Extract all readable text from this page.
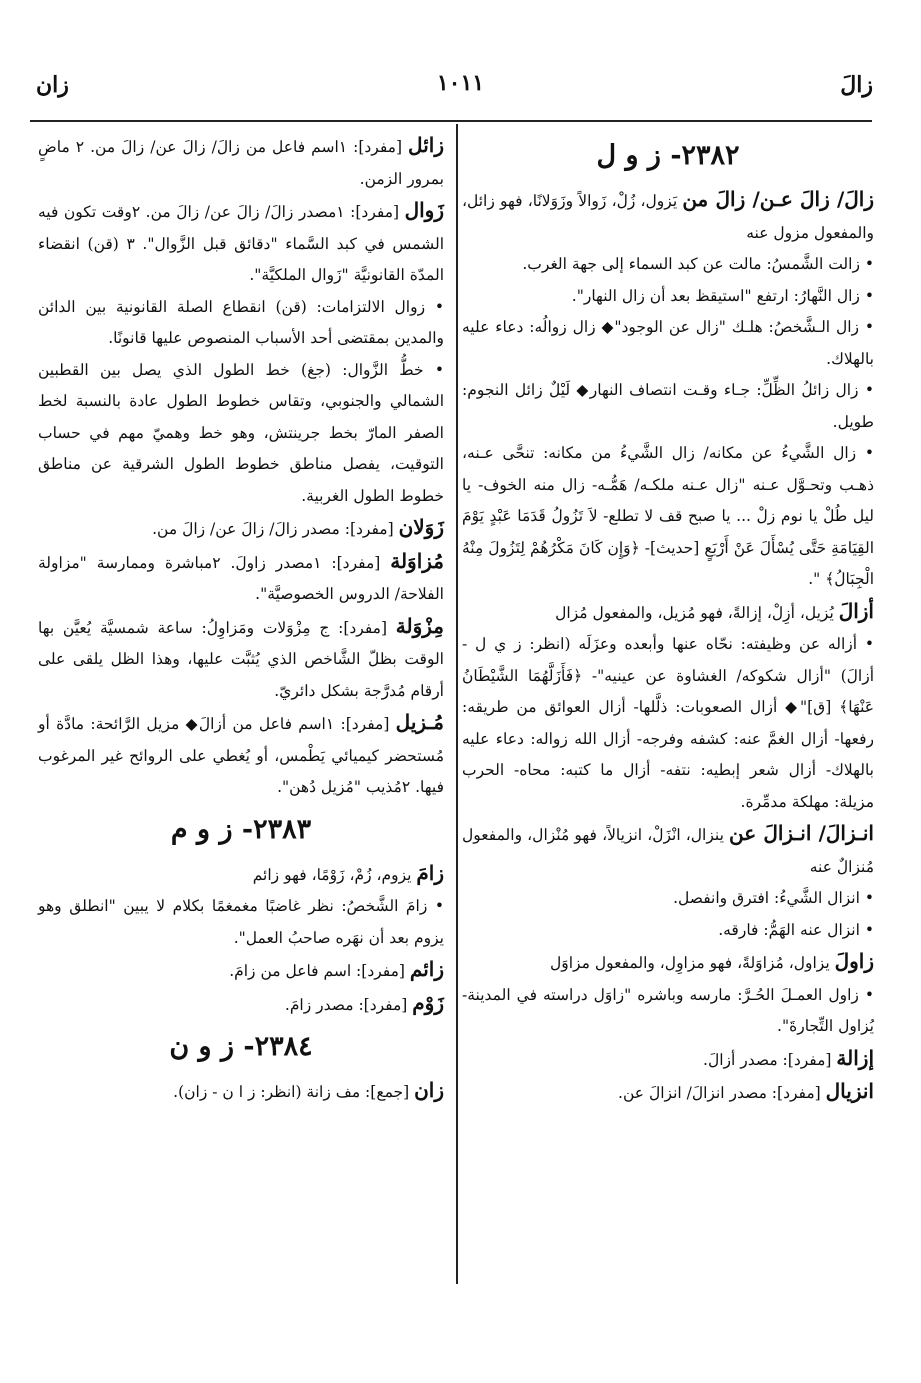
زالَ
١٠١١
زان
٢٣٨٢- ز و ل

زالَ/ زالَ عـن/ زالَ من يَزول، زُلْ، زَوالاً وزَوَلانًا، فهو زائل، والمفعول مزول عنه

• زالت الشَّمسُ: مالت عن كبد السماء إلى جهة الغرب.

• زال النَّهارُ: ارتفع "استيقظ بعد أن زال النهار".

• زال الـشَّخصُ: هلـك "زال عن الوجود"◆ زال زوالُه: دعاء عليه بالهلاك.

• زال زائلُ الظِّلِّ: جـاء وقـت انتصاف النهار◆ لَيْلٌ زائل النجوم: طويل.

• زال الشَّيءُ عن مكانه/ زال الشَّيءُ من مكانه: تنحَّى عـنه، ذهـب وتحـوَّل عـنه "زال عـنه ملكـه/ هَمُّـه- زال منه الخوف- يا ليل طُلْ يا نوم زلْ ... يا صبح قف لا تطلع- لاَ تَزُولُ قَدَمَا عَبْدٍ يَوْمَ القِيَامَةِ حَتَّى يُسْأَلَ عَنْ أَرْبَعٍ [حديث]- ﴿وَإِن كَانَ مَكْرُهُمْ لِتَزُولَ مِنْهُ الْجِبَالُ﴾ ".

أزالَ يُزيل، أزِلْ، إزالةً، فهو مُزيل، والمفعول مُزال

• أزاله عن وظيفته: نحّاه عنها وأبعده وعزَلَه (انظر: ز ي ل - أزالَ) "أزال شكوكه/ الغشاوة عن عينيه"- ﴿فَأَزَلَّهُمَا الشَّيْطَانُ عَنْهَا﴾ [ق]"◆ أزال الصعوبات: ذلَّلها- أزال العوائق من طريقه: رفعها- أزال الغمَّ عنه: كشفه وفرجه- أزال الله زواله: دعاء عليه بالهلاك- أزال شعر إبطيه: نتفه- أزال ما كتبه: محاه- الحرب مزيلة: مهلكة مدمِّرة.

انـزالَ/ انـزالَ عن ينزال، انْزَلْ، انزيالاً، فهو مُنْزال، والمفعول مُنزالٌ عنه

• انزال الشَّيءُ: افترق وانفصل.

• انزال عنه الهَمُّ: فارقه.

زاولَ يزاول، مُزاوَلةً، فهو مزاوِل، والمفعول مزاوَل

• زاول العمـلَ الحُـرَّ: مارسه وباشره "زاوَل دراسته في المدينة- يُزاول التِّجارةَ".

إزالة [مفرد]: مصدر أزالَ.

انزيال [مفرد]: مصدر انزالَ/ انزالَ عن.

زائل [مفرد]: ١اسم فاعل من زالَ/ زالَ عن/ زالَ من. ٢ ماضٍ بمرور الزمن.

زَوال [مفرد]: ١مصدر زالَ/ زالَ عن/ زالَ من. ٢وقت تكون فيه الشمس في كبد السَّماء "دقائق قبل الزَّوال". ٣ (قن) انقضاء المدّة القانونيَّة "زَوال الملكيَّة".

• زوال الالتزامات: (قن) انقطاع الصلة القانونية بين الدائن والمدين بمقتضى أحد الأسباب المنصوص عليها قانونًا.

• خطُّ الزَّوال: (جغ) خط الطول الذي يصل بين القطبين الشمالي والجنوبي، وتقاس خطوط الطول عادة بالنسبة لخط الصفر المارّ بخط جرينتش، وهو خط وهميّ مهم في حساب التوقيت، يفصل مناطق خطوط الطول الشرقية عن مناطق خطوط الطول الغربية.

زَوَلان [مفرد]: مصدر زالَ/ زالَ عن/ زالَ من.

مُزاوَلة [مفرد]: ١مصدر زاولَ. ٢مباشرة وممارسة "مزاولة الفلاحة/ الدروس الخصوصيَّة".

مِزْوَلة [مفرد]: ج مِزْوَلات ومَزاوِلُ: ساعة شمسيَّة يُعيَّن بها الوقت بظلّ الشَّاخص الذي يُثبَّت عليها، وهذا الظل يلقى على أرقام مُدرَّجة بشكل دائريّ.

مُـزيل [مفرد]: ١اسم فاعل من أزالَ◆ مزيل الرَّائحة: مادَّة أو مُستحضر كيميائي يَطْمس، أو يُغطي على الروائح غير المرغوب فيها. ٢مُذيب "مُزيل دُهن".

٢٣٨٣- ز و م

زامَ يزوم، زُمْ، زَوْمًا، فهو زائم

• زامَ الشَّخصُ: نظر غاضبًا مغمغمًا بكلام لا يبين "انطلق وهو يزوم بعد أن نهَره صاحبُ العمل".

زائم [مفرد]: اسم فاعل من زامَ.

زَوْم [مفرد]: مصدر زامَ.

٢٣٨٤- ز و ن

زان [جمع]: مف زانة (انظر: ز ا ن - زان).
